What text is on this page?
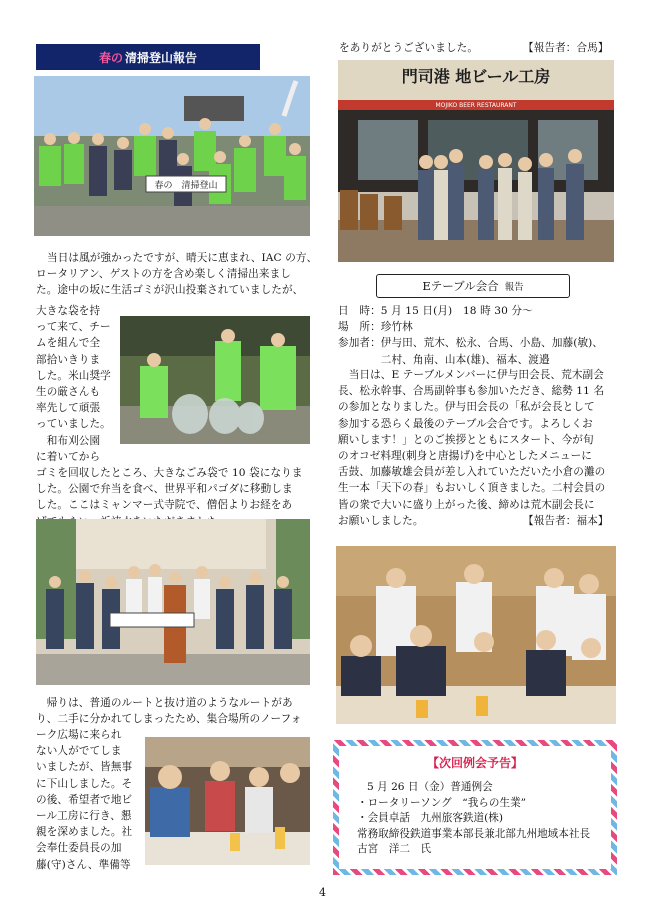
春の 清掃登山報告
春の　清掃登山
当日は風が強かったですが、晴天に恵まれ、IAC の方、
ロータリアン、ゲストの方を含め楽しく清掃出来まし
た。途中の坂に生活ゴミが沢山投棄されていましたが、
大きな袋を持
って来て、チー
ムを組んで全
部拾いきりま
した。米山奨学
生の厳さんも
率先して頑張
っていました。
　和布刈公園
に着いてから
ゴミを回収したところ、大きなごみ袋で 10 袋になりま
した。公園で弁当を食べ、世界平和パゴダに移動しま
した。ここはミャンマー式寺院で、僧侶よりお経をあ
　帰りは、普通のルートと抜け道のようなルートがあ
り、二手に分かれてしまったため、集合場所のノーフォ
ーク広場に来られ
ない人がでてしま
いましたが、皆無事
に下山しました。そ
の後、希望者で地ビ
ール工房に行き、懇
親を深めました。社
会奉仕委員長の加
藤(守)さん、準備等
をありがとうございました。	【報告者：合馬】
門司港 地ビール工房
MOJIKO BEER RESTAURANT
Eテーブル会合 報告
日　時：5 月 15 日(月)　18 時 30 分～
場　所：珍竹林
参加者：伊与田、荒木、松永、合馬、小島、加藤(敏)、
　　　　二村、角南、山本(雄)、福本、渡邉
　当日は、E テーブルメンバーに伊与田会長、荒木副会
長、松永幹事、合馬副幹事も参加いただき、総勢 11 名
の参加となりました。伊与田会長の「私が会長として
参加する恐らく最後のテーブル会合です。よろしくお
願いします！」とのご挨拶とともにスタート、今が旬
のオコゼ料理(刺身と唐揚げ)を中心としたメニューに
舌鼓、加藤敏雄会員が差し入れていただいた小倉の灘の
生一本「天下の春」もおいしく頂きました。二村会員の
皆の衆で大いに盛り上がった後、締めは荒木副会長に
お願いしました。	【報告者：福本】
【次回例会予告】
5 月 26 日（金）普通例会
・ロータリーソング　“我らの生業”
・会員卓話　九州旅客鉄道(株)
常務取締役鉄道事業本部長兼北部九州地域本社長
古宮　洋二　氏
4
